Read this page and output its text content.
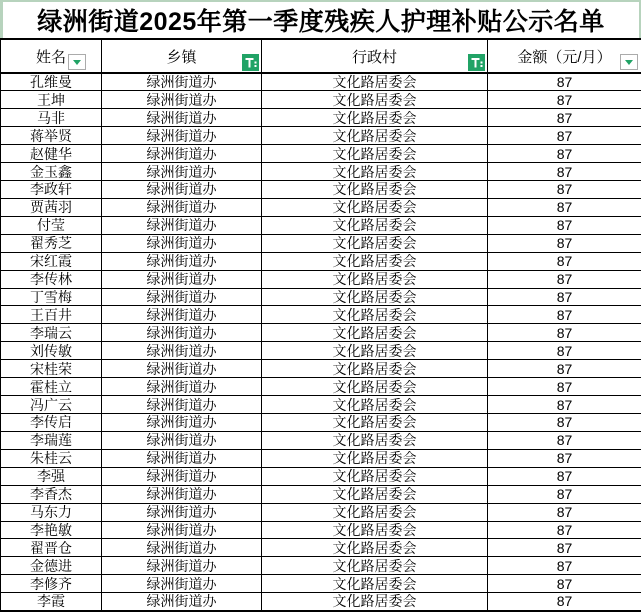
绿洲街道2025年第一季度残疾人护理补贴公示名单
姓名	乡镇	行政村	金额（元/月）

孔维曼	绿洲街道办	文化路居委会	87
王坤	绿洲街道办	文化路居委会	87
马非	绿洲街道办	文化路居委会	87
蒋举贤	绿洲街道办	文化路居委会	87
赵健华	绿洲街道办	文化路居委会	87
金玉鑫	绿洲街道办	文化路居委会	87
李政轩	绿洲街道办	文化路居委会	87
贾茜羽	绿洲街道办	文化路居委会	87
付莹	绿洲街道办	文化路居委会	87
翟秀芝	绿洲街道办	文化路居委会	87
宋红霞	绿洲街道办	文化路居委会	87
李传林	绿洲街道办	文化路居委会	87
丁雪梅	绿洲街道办	文化路居委会	87
王百井	绿洲街道办	文化路居委会	87
李瑞云	绿洲街道办	文化路居委会	87
刘传敏	绿洲街道办	文化路居委会	87
宋桂荣	绿洲街道办	文化路居委会	87
霍桂立	绿洲街道办	文化路居委会	87
冯广云	绿洲街道办	文化路居委会	87
李传启	绿洲街道办	文化路居委会	87
李瑞莲	绿洲街道办	文化路居委会	87
朱桂云	绿洲街道办	文化路居委会	87
李强	绿洲街道办	文化路居委会	87
李香杰	绿洲街道办	文化路居委会	87
马东力	绿洲街道办	文化路居委会	87
李艳敏	绿洲街道办	文化路居委会	87
翟晋仓	绿洲街道办	文化路居委会	87
金德进	绿洲街道办	文化路居委会	87
李修齐	绿洲街道办	文化路居委会	87
李霞	绿洲街道办	文化路居委会	87
